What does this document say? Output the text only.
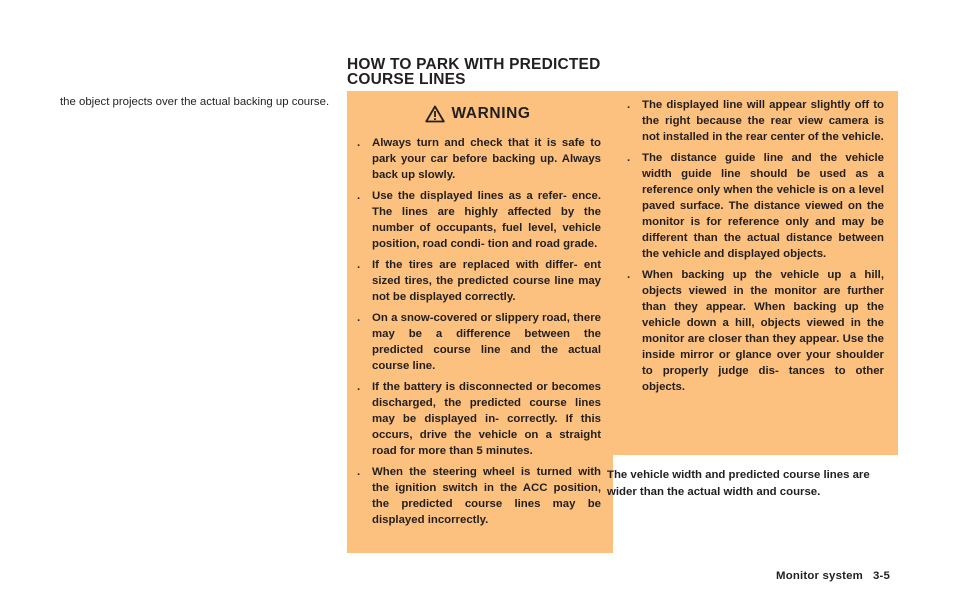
the object projects over the actual backing up course.
HOW TO PARK WITH PREDICTED COURSE LINES
WARNING
. Always turn and check that it is safe to park your car before backing up. Always back up slowly.
. Use the displayed lines as a refer- ence. The lines are highly affected by the number of occupants, fuel level, vehicle position, road condi- tion and road grade.
. If the tires are replaced with differ- ent sized tires, the predicted course line may not be displayed correctly.
. On a snow-covered or slippery road, there may be a difference between the predicted course line and the actual course line.
. If the battery is disconnected or becomes discharged, the predicted course lines may be displayed in- correctly. If this occurs, drive the vehicle on a straight road for more than 5 minutes.
. When the steering wheel is turned with the ignition switch in the ACC position, the predicted course lines may be displayed incorrectly.
. The displayed line will appear slightly off to the right because the rear view camera is not installed in the rear center of the vehicle.
. The distance guide line and the vehicle width guide line should be used as a reference only when the vehicle is on a level paved surface. The distance viewed on the monitor is for reference only and may be different than the actual distance between the vehicle and displayed objects.
. When backing up the vehicle up a hill, objects viewed in the monitor are further than they appear. When backing up the vehicle down a hill, objects viewed in the monitor are closer than they appear. Use the inside mirror or glance over your shoulder to properly judge dis- tances to other objects.
The vehicle width and predicted course lines are wider than the actual width and course.
Monitor system 3-5
